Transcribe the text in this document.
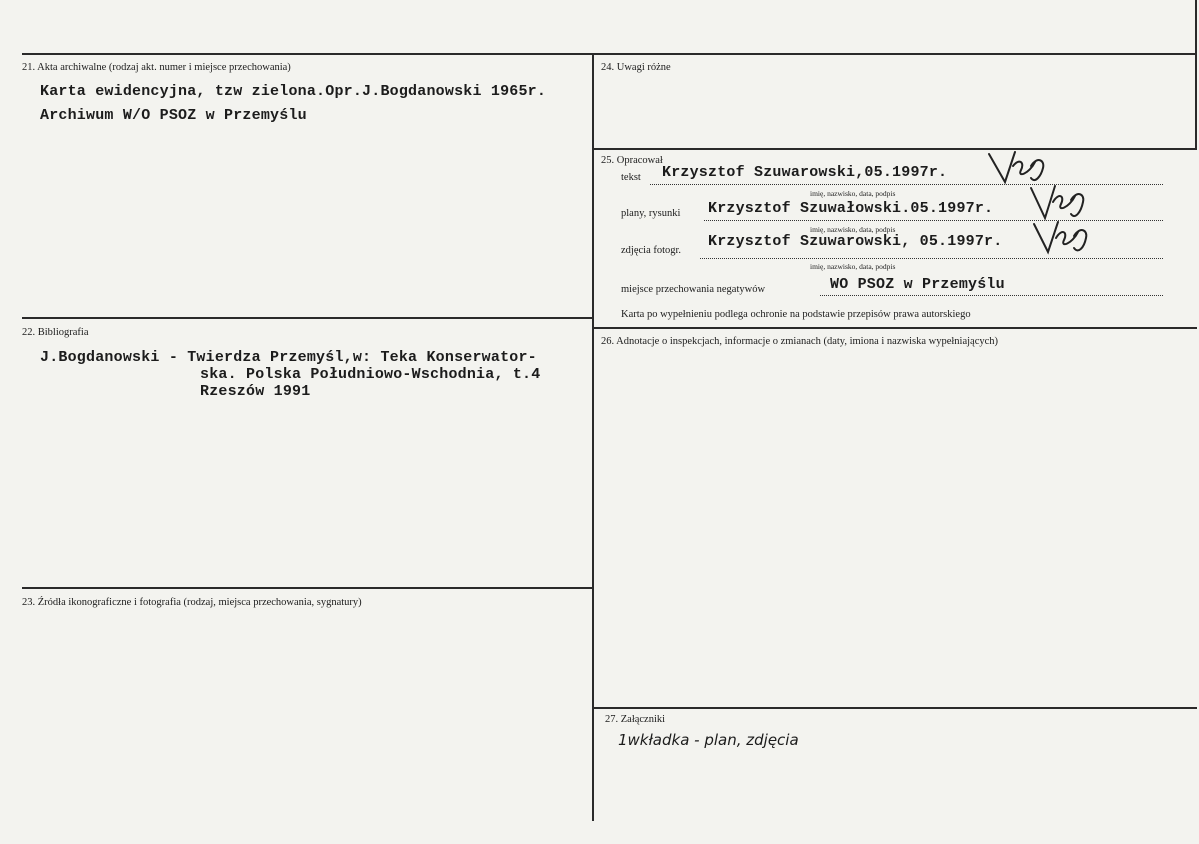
21. Akta archiwalne (rodzaj akt. numer i miejsce przechowania)
Karta ewidencyjna, tzw zielona.Opr.J.Bogdanowski 1965r.
Archiwum W/O PSOZ w Przemyślu
22. Bibliografia
J.Bogdanowski - Twierdza Przemyśl,w: Teka Konserwator-
ska. Polska Południowo-Wschodnia, t.4
Rzeszów 1991
23. Źródła ikonograficzne i fotografia (rodzaj, miejsca przechowania, sygnatury)
24. Uwagi różne
25. Opracował
tekst Krzysztof Szuwarowski,05.1997r.
imię, nazwisko, data, podpis
plany, rysunki Krzysztof Szuwałowski.05.1997r.
imię, nazwisko, data, podpis
zdjęcia fotogr.
Krzysztof Szuwarowski, 05.1997r.
imię, nazwisko, data, podpis
miejsce przechowania negatywów	WO PSOZ w Przemyślu
Karta po wypełnieniu podlega ochronie na podstawie przepisów prawa autorskiego
26. Adnotacje o inspekcjach, informacje o zmianach (daty, imiona i nazwiska wypełniających)
27. Załączniki
1wkładka - plan, zdjęcia
